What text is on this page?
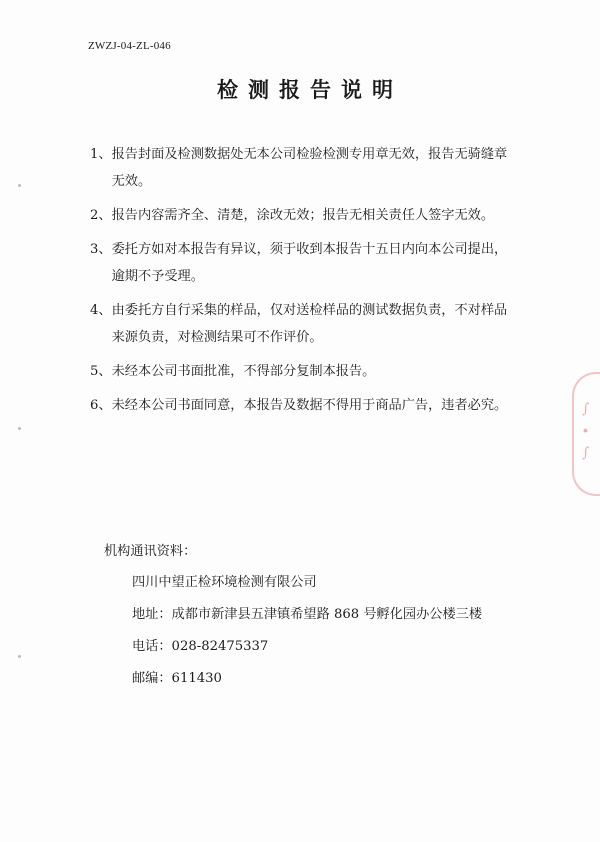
ZWZJ-04-ZL-046
检测报告说明
1、 报告封面及检测数据处无本公司检验检测专用章无效，报告无骑缝章无效。
2、 报告内容需齐全、清楚，涂改无效；报告无相关责任人签字无效。
3、 委托方如对本报告有异议，须于收到本报告十五日内向本公司提出，逾期不予受理。
4、 由委托方自行采集的样品，仅对送检样品的测试数据负责，不对样品来源负责，对检测结果可不作评价。
5、 未经本公司书面批准，不得部分复制本报告。
6、 未经本公司书面同意，本报告及数据不得用于商品广告，违者必究。
机构通讯资料：
四川中望正检环境检测有限公司
地址：成都市新津县五津镇希望路 868 号孵化园办公楼三楼
电话：028-82475337
邮编：611430
∫
∙
∫
